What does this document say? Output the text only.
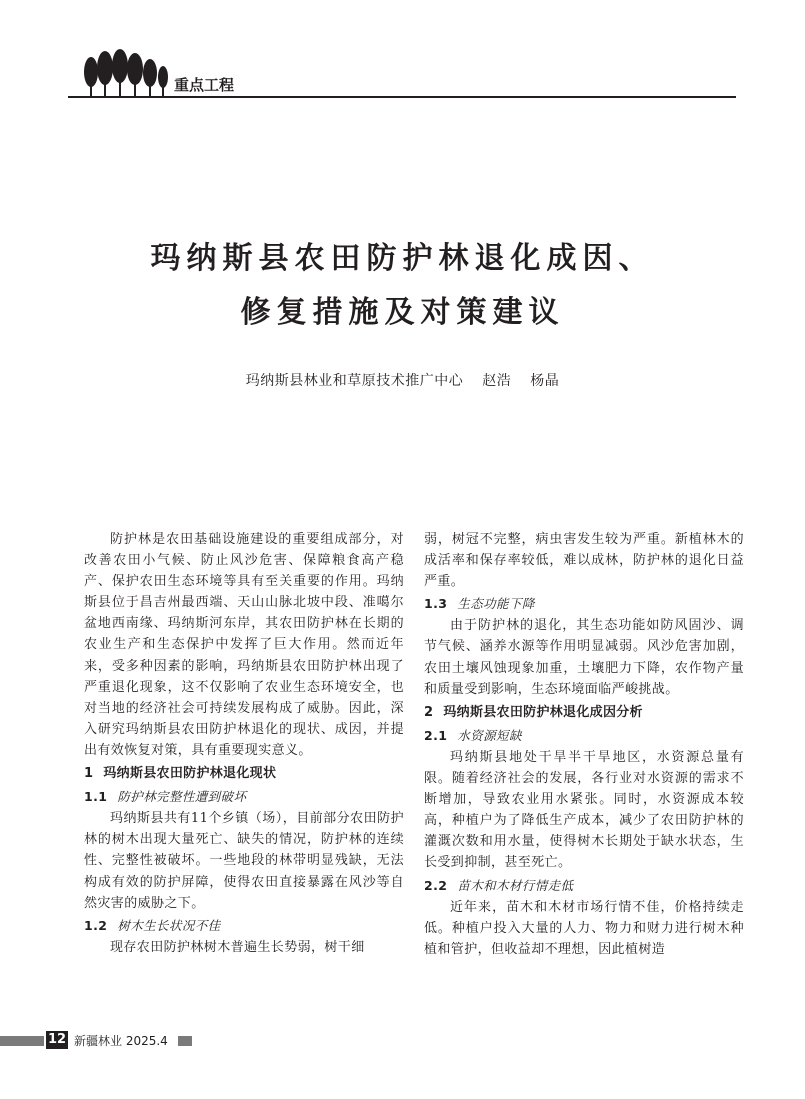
重点工程
玛纳斯县农田防护林退化成因、
修复措施及对策建议
玛纳斯县林业和草原技术推广中心 赵浩 杨晶

防护林是农田基础设施建设的重要组成部分，对改善农田小气候、防止风沙危害、保障粮食高产稳产、保护农田生态环境等具有至关重要的作用。玛纳斯县位于昌吉州最西端、天山山脉北坡中段、准噶尔盆地西南缘、玛纳斯河东岸，其农田防护林在长期的农业生产和生态保护中发挥了巨大作用。然而近年来，受多种因素的影响，玛纳斯县农田防护林出现了严重退化现象，这不仅影响了农业生态环境安全，也对当地的经济社会可持续发展构成了威胁。因此，深入研究玛纳斯县农田防护林退化的现状、成因，并提出有效恢复对策，具有重要现实意义。

1 玛纳斯县农田防护林退化现状
1.1 防护林完整性遭到破坏

玛纳斯县共有11个乡镇（场），目前部分农田防护林的树木出现大量死亡、缺失的情况，防护林的连续性、完整性被破坏。一些地段的林带明显残缺，无法构成有效的防护屏障，使得农田直接暴露在风沙等自然灾害的威胁之下。

1.2 树木生长状况不佳

现存农田防护林树木普遍生长势弱，树干细

弱，树冠不完整，病虫害发生较为严重。新植林木的成活率和保存率较低，难以成林，防护林的退化日益严重。

1.3 生态功能下降

由于防护林的退化，其生态功能如防风固沙、调节气候、涵养水源等作用明显减弱。风沙危害加剧，农田土壤风蚀现象加重，土壤肥力下降，农作物产量和质量受到影响，生态环境面临严峻挑战。

2 玛纳斯县农田防护林退化成因分析
2.1 水资源短缺

玛纳斯县地处干旱半干旱地区，水资源总量有限。随着经济社会的发展，各行业对水资源的需求不断增加，导致农业用水紧张。同时，水资源成本较高，种植户为了降低生产成本，减少了农田防护林的灌溉次数和用水量，使得树木长期处于缺水状态，生长受到抑制，甚至死亡。

2.2 苗木和木材行情走低

近年来，苗木和木材市场行情不佳，价格持续走低。种植户投入大量的人力、物力和财力进行树木种植和管护，但收益却不理想，因此植树造

12 新疆林业 2025.4
